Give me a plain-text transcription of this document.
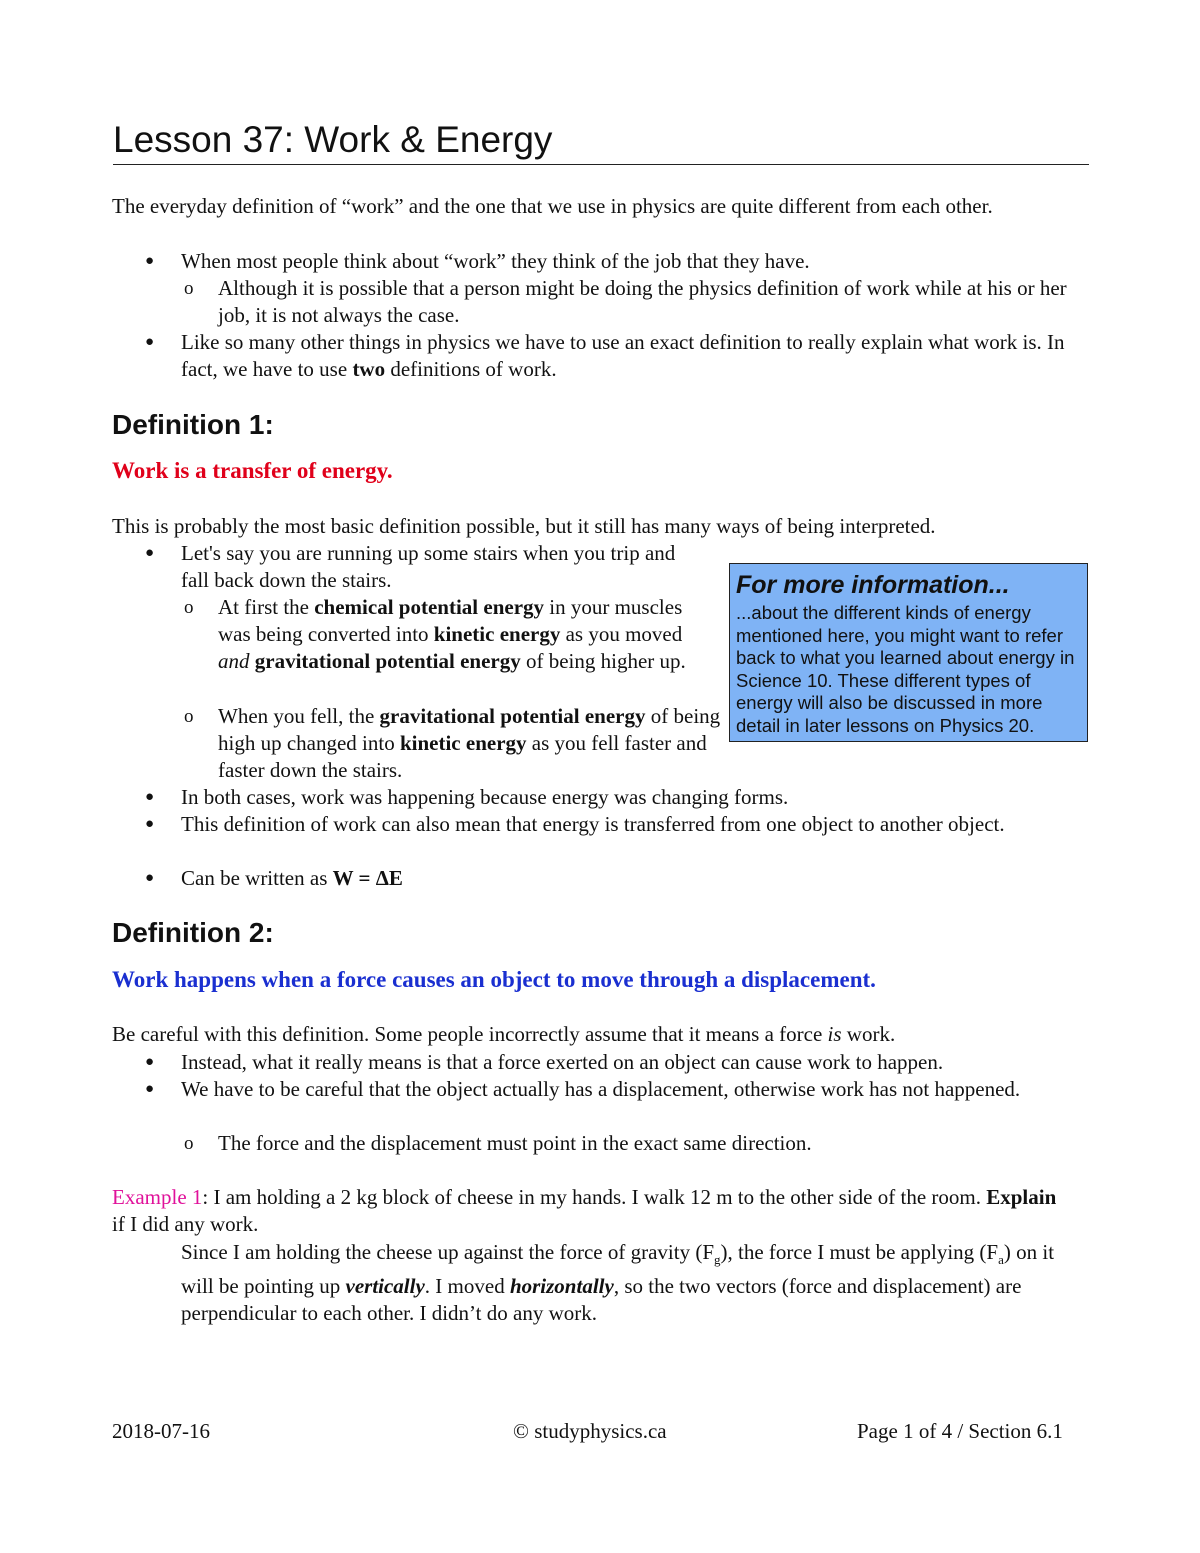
Lesson 37: Work & Energy
The everyday definition of “work” and the one that we use in physics are quite different from each other.
● When most people think about “work” they think of the job that they have.
o Although it is possible that a person might be doing the physics definition of work while at his or her job, it is not always the case.
● Like so many other things in physics we have to use an exact definition to really explain what work is. In fact, we have to use two definitions of work.
Definition 1:
Work is a transfer of energy.
This is probably the most basic definition possible, but it still has many ways of being interpreted.
● Let's say you are running up some stairs when you trip and fall back down the stairs.
o At first the chemical potential energy in your muscles was being converted into kinetic energy as you moved and gravitational potential energy of being higher up.
o When you fell, the gravitational potential energy of being high up changed into kinetic energy as you fell faster and faster down the stairs.
● In both cases, work was happening because energy was changing forms.
● This definition of work can also mean that energy is transferred from one object to another object.
● Can be written as W = ΔE
For more information...
...about the different kinds of energy mentioned here, you might want to refer back to what you learned about energy in Science 10. These different types of energy will also be discussed in more detail in later lessons on Physics 20.
Definition 2:
Work happens when a force causes an object to move through a displacement.
Be careful with this definition. Some people incorrectly assume that it means a force is work.
● Instead, what it really means is that a force exerted on an object can cause work to happen.
● We have to be careful that the object actually has a displacement, otherwise work has not happened.
o The force and the displacement must point in the exact same direction.
Example 1: I am holding a 2 kg block of cheese in my hands. I walk 12 m to the other side of the room. Explain if I did any work.
Since I am holding the cheese up against the force of gravity $(F_g)$, the force I must be applying $(F_a)$ on it will be pointing up vertically. I moved horizontally, so the two vectors (force and displacement) are perpendicular to each other. I didn’t do any work.
2018-07-16	© studyphysics.ca	Page 1 of 4 / Section 6.1
